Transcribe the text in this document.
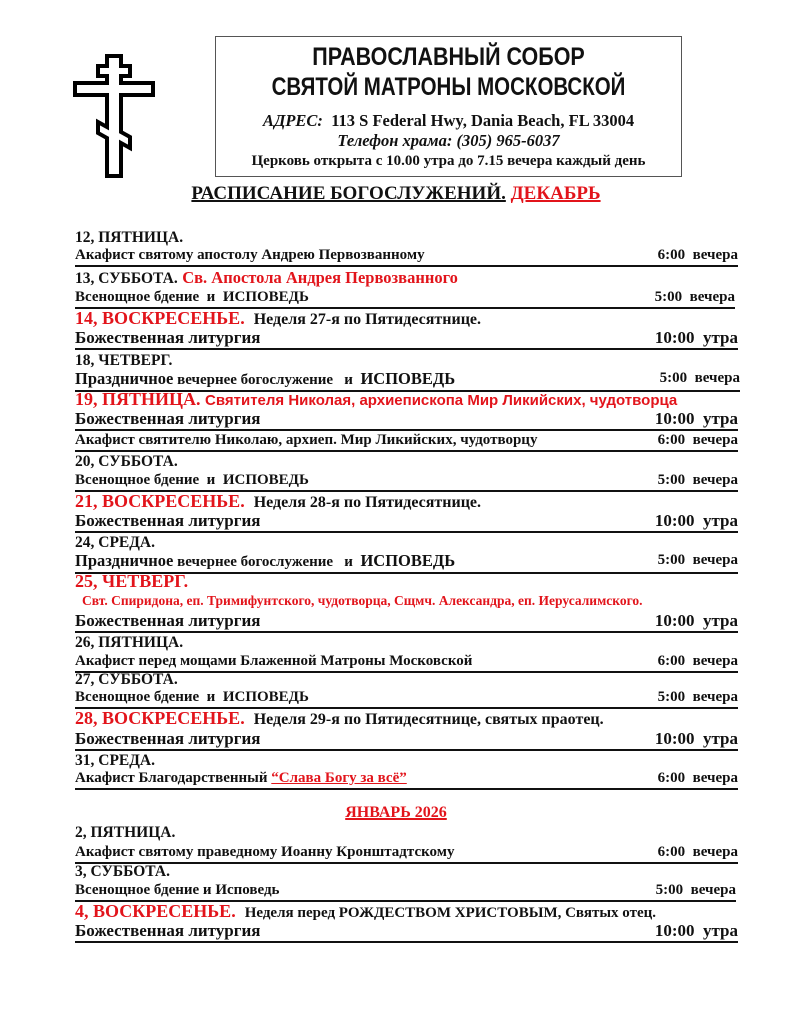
ПРАВОСЛАВНЫЙ СОБОР
СВЯТОЙ МАТРОНЫ МОСКОВСКОЙ
АДРЕС: 113 S Federal Hwy, Dania Beach, FL 33004
Телефон храма: (305) 965-6037
Церковь открыта с 10.00 утра до 7.15 вечера каждый день
РАСПИСАНИЕ БОГОСЛУЖЕНИЙ. ДЕКАБРЬ
12, ПЯТНИЦА.
Акафист святому апостолу Андрею Первозванному	6:00  вечера
13, СУББОТА. Св. Апостола Андрея Первозванного
Всенощное бдение  и  ИСПОВЕДЬ	5:00  вечера
14, ВОСКРЕСЕНЬЕ. Неделя 27-я по Пятидесятнице.
Божественная литургия	10:00  утра
18, ЧЕТВЕРГ.
Праздничное вечернее богослужение   и  ИСПОВЕДЬ	5:00  вечера
19, ПЯТНИЦА. Святителя Николая, архиепископа Мир Ликийских, чудотворца
Божественная литургия	10:00  утра
Акафист святителю Николаю, архиеп. Мир Ликийских, чудотворцу	6:00  вечера
20, СУББОТА.
Всенощное бдение  и  ИСПОВЕДЬ	5:00  вечера
21, ВОСКРЕСЕНЬЕ. Неделя 28-я по Пятидесятнице.
Божественная литургия	10:00  утра
24, СРЕДА.
Праздничное вечернее богослужение   и  ИСПОВЕДЬ	5:00  вечера
25, ЧЕТВЕРГ.
Свт. Спиридона, еп. Тримифунтского, чудотворца, Сщмч. Александра, еп. Иерусалимского.
Божественная литургия	10:00  утра
26, ПЯТНИЦА.
Акафист перед мощами Блаженной Матроны Московской	6:00  вечера
27, СУББОТА.
Всенощное бдение  и  ИСПОВЕДЬ	5:00  вечера
28, ВОСКРЕСЕНЬЕ. Неделя 29-я по Пятидесятнице, святых праотец.
Божественная литургия	10:00  утра
31, СРЕДА.
Акафист Благодарственный “Слава Богу за всё”	6:00  вечера
ЯНВАРЬ 2026
2, ПЯТНИЦА.
Акафист святому праведному Иоанну Кронштадтскому	6:00  вечера
3, СУББОТА.
Всенощное бдение и Исповедь	5:00  вечера
4, ВОСКРЕСЕНЬЕ. Неделя перед РОЖДЕСТВОМ ХРИСТОВЫМ, Святых отец.
Божественная литургия	10:00  утра
